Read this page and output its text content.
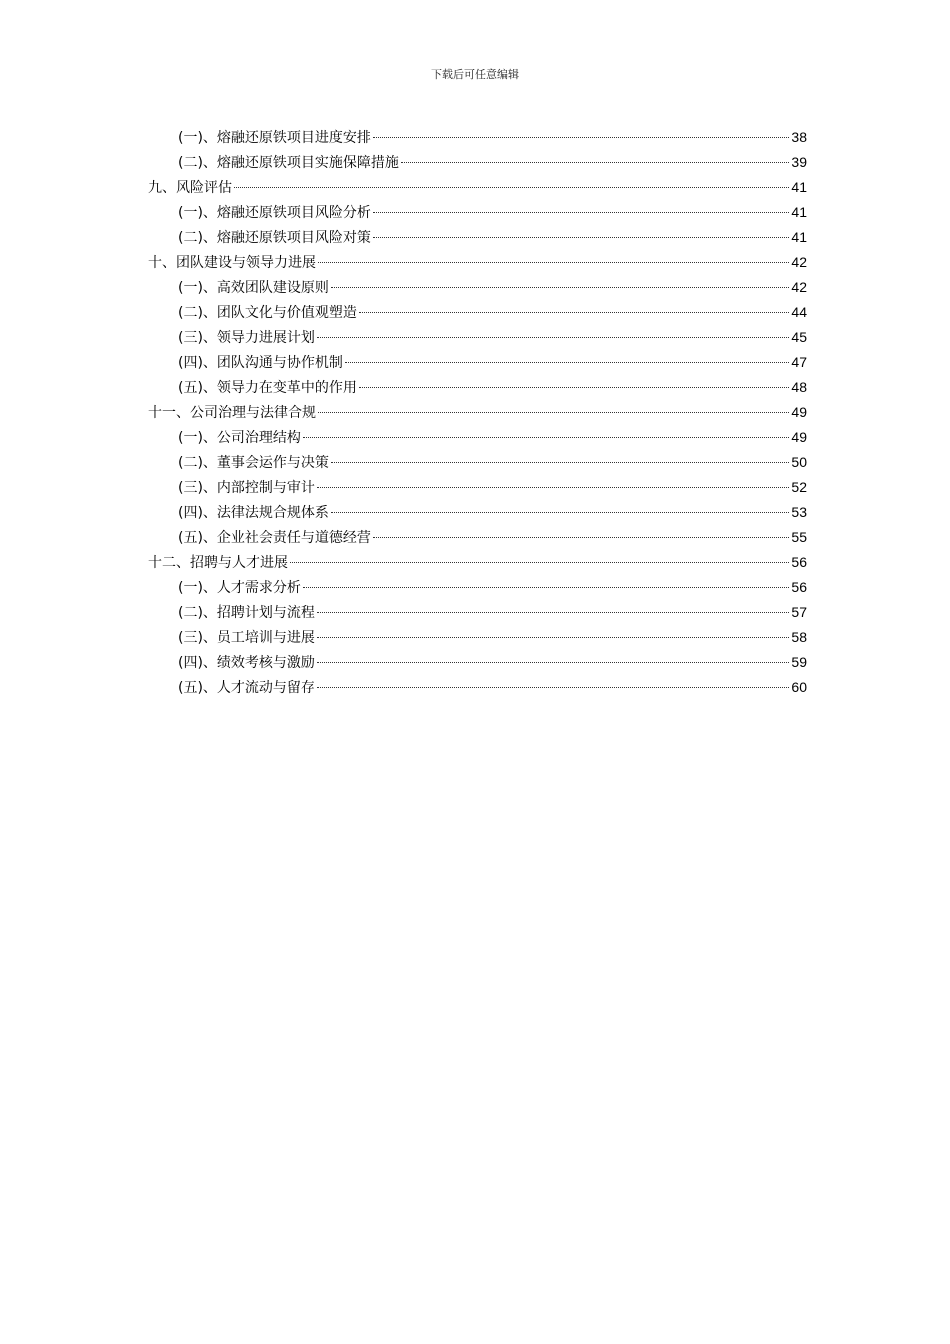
下载后可任意编辑
(一)、熔融还原铁项目进度安排	38
(二)、熔融还原铁项目实施保障措施	39
九、风险评估	41
(一)、熔融还原铁项目风险分析	41
(二)、熔融还原铁项目风险对策	41
十、团队建设与领导力进展	42
(一)、高效团队建设原则	42
(二)、团队文化与价值观塑造	44
(三)、领导力进展计划	45
(四)、团队沟通与协作机制	47
(五)、领导力在变革中的作用	48
十一、公司治理与法律合规	49
(一)、公司治理结构	49
(二)、董事会运作与决策	50
(三)、内部控制与审计	52
(四)、法律法规合规体系	53
(五)、企业社会责任与道德经营	55
十二、招聘与人才进展	56
(一)、人才需求分析	56
(二)、招聘计划与流程	57
(三)、员工培训与进展	58
(四)、绩效考核与激励	59
(五)、人才流动与留存	60
